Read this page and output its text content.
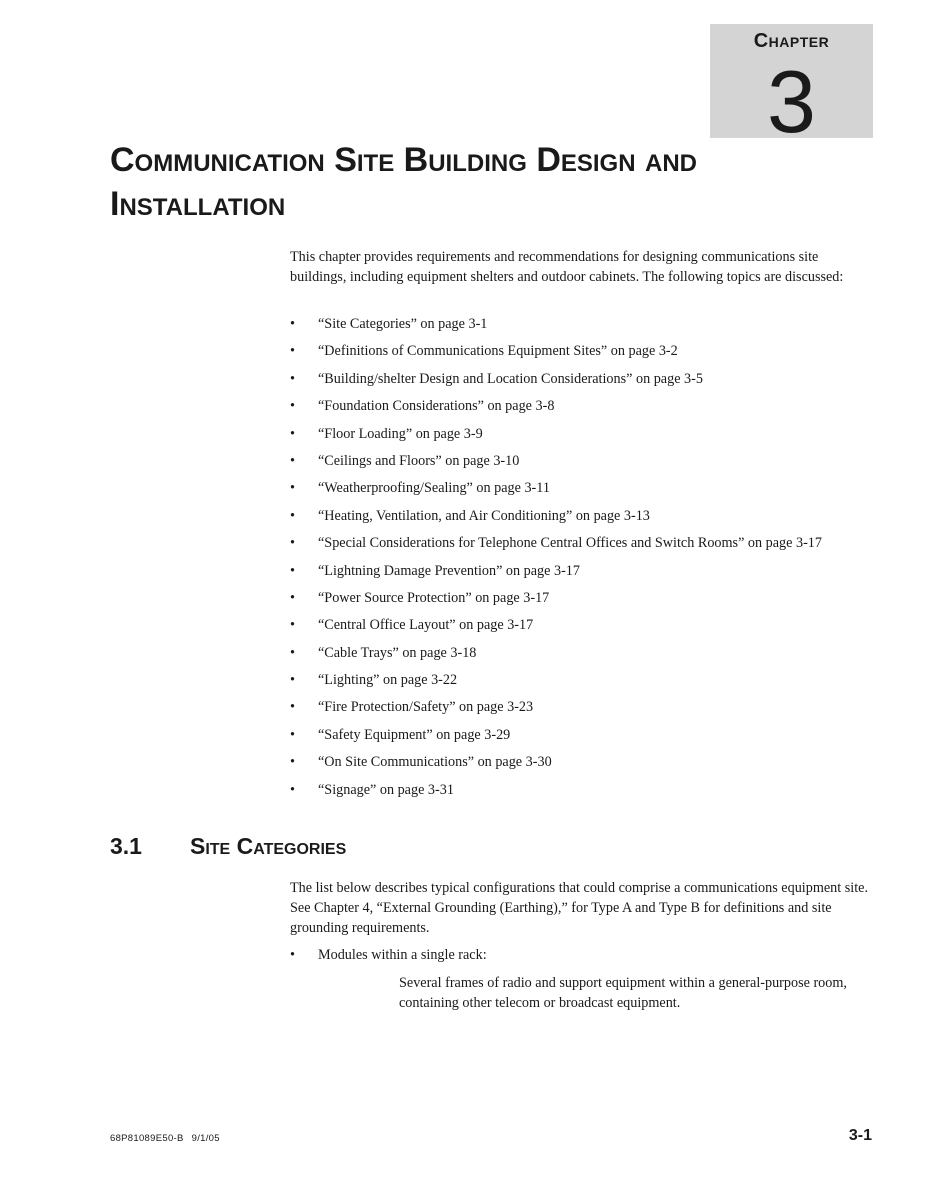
Chapter
3
Communication Site Building Design and Installation

This chapter provides requirements and recommendations for designing communications site buildings, including equipment shelters and outdoor cabinets. The following topics are discussed:

• “Site Categories” on page 3-1
• “Definitions of Communications Equipment Sites” on page 3-2
• “Building/shelter Design and Location Considerations” on page 3-5
• “Foundation Considerations” on page 3-8
• “Floor Loading” on page 3-9
• “Ceilings and Floors” on page 3-10
• “Weatherproofing/Sealing” on page 3-11
• “Heating, Ventilation, and Air Conditioning” on page 3-13
• “Special Considerations for Telephone Central Offices and Switch Rooms” on page 3-17
• “Lightning Damage Prevention” on page 3-17
• “Power Source Protection” on page 3-17
• “Central Office Layout” on page 3-17
• “Cable Trays” on page 3-18
• “Lighting” on page 3-22
• “Fire Protection/Safety” on page 3-23
• “Safety Equipment” on page 3-29
• “On Site Communications” on page 3-30
• “Signage” on page 3-31
3.1 Site Categories

The list below describes typical configurations that could comprise a communications equipment site. See Chapter 4, “External Grounding (Earthing),” for Type A and Type B for definitions and site grounding requirements.

• Modules within a single rack:

Several frames of radio and support equipment within a general-purpose room, containing other telecom or broadcast equipment.

68P81089E50-B 9/1/05	3-1
